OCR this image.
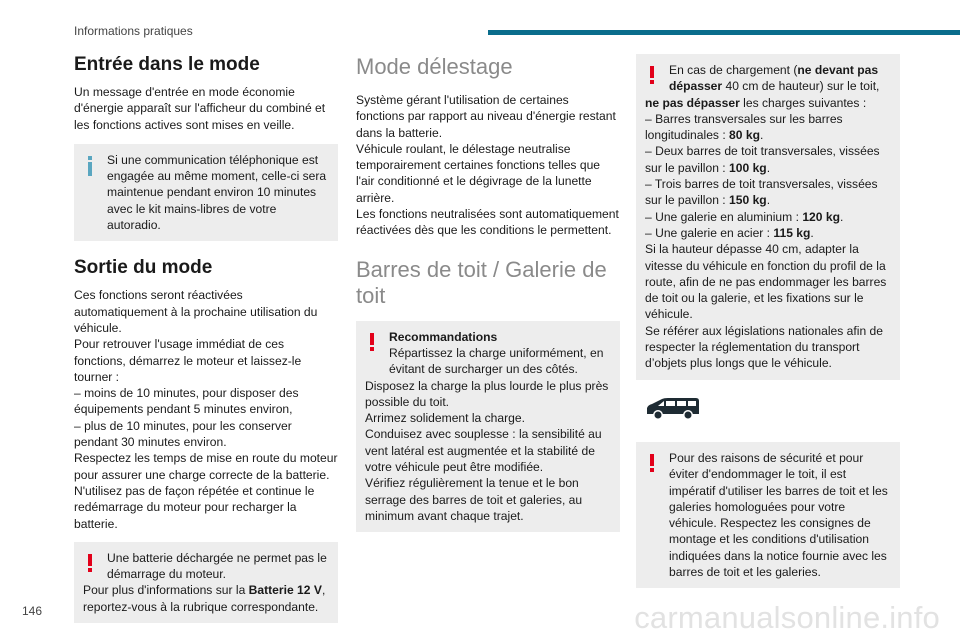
Informations pratiques
Entrée dans le mode

Un message d'entrée en mode économie d'énergie apparaît sur l'afficheur du combiné et les fonctions actives sont mises en veille.

Si une communication téléphonique est engagée au même moment, celle-ci sera maintenue pendant environ 10 minutes avec le kit mains-libres de votre autoradio.

Sortie du mode

Ces fonctions seront réactivées automatiquement à la prochaine utilisation du véhicule.

Pour retrouver l'usage immédiat de ces fonctions, démarrez le moteur et laissez-le tourner :

– moins de 10 minutes, pour disposer des équipements pendant 5 minutes environ,

– plus de 10 minutes, pour les conserver pendant 30 minutes environ.

Respectez les temps de mise en route du moteur pour assurer une charge correcte de la batterie.

N'utilisez pas de façon répétée et continue le redémarrage du moteur pour recharger la batterie.

Une batterie déchargée ne permet pas le démarrage du moteur.

Pour plus d'informations sur la Batterie 12 V, reportez-vous à la rubrique correspondante.

Mode délestage

Système gérant l'utilisation de certaines fonctions par rapport au niveau d'énergie restant dans la batterie.

Véhicule roulant, le délestage neutralise temporairement certaines fonctions telles que l'air conditionné et le dégivrage de la lunette arrière.

Les fonctions neutralisées sont automatiquement réactivées dès que les conditions le permettent.

Barres de toit / Galerie de toit

Recommandations

Répartissez la charge uniformément, en évitant de surcharger un des côtés.

Disposez la charge la plus lourde le plus près possible du toit.

Arrimez solidement la charge.

Conduisez avec souplesse : la sensibilité au vent latéral est augmentée et la stabilité de votre véhicule peut être modifiée.

Vérifiez régulièrement la tenue et le bon serrage des barres de toit et galeries, au minimum avant chaque trajet.

En cas de chargement (ne devant pas dépasser 40 cm de hauteur) sur le toit,

ne pas dépasser les charges suivantes :

– Barres transversales sur les barres longitudinales : 80 kg.

– Deux barres de toit transversales, vissées sur le pavillon : 100 kg.

– Trois barres de toit transversales, vissées sur le pavillon : 150 kg.

– Une galerie en aluminium : 120 kg.

– Une galerie en acier : 115 kg.

Si la hauteur dépasse 40 cm, adapter la vitesse du véhicule en fonction du profil de la route, afin de ne pas endommager les barres de toit ou la galerie, et les fixations sur le véhicule.

Se référer aux législations nationales afin de respecter la réglementation du transport d’objets plus longs que le véhicule.

Pour des raisons de sécurité et pour éviter d'endommager le toit, il est impératif d'utiliser les barres de toit et les galeries homologuées pour votre véhicule. Respectez les consignes de montage et les conditions d'utilisation indiquées dans la notice fournie avec les barres de toit et les galeries.

146	carmanualsonline.info
